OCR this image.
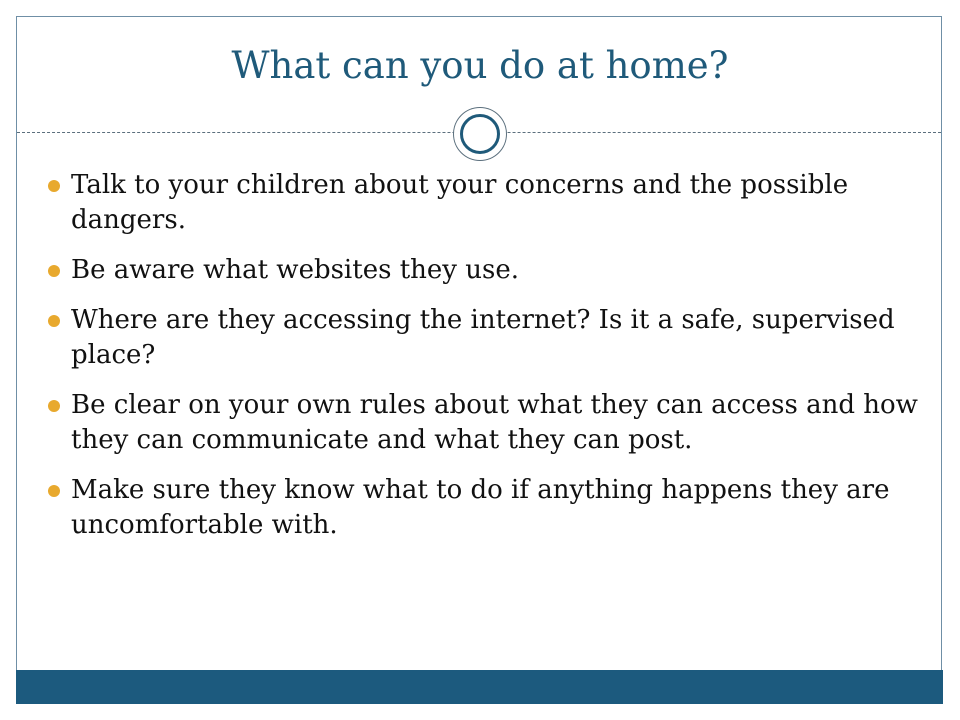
What can you do at home?
Talk to your children about your concerns and the possible dangers.
Be aware what websites they use.
Where are they accessing the internet? Is it a safe, supervised place?
Be clear on your own rules about what they can access and how they can communicate and what they can post.
Make sure they know what to do if anything happens they are uncomfortable with.
